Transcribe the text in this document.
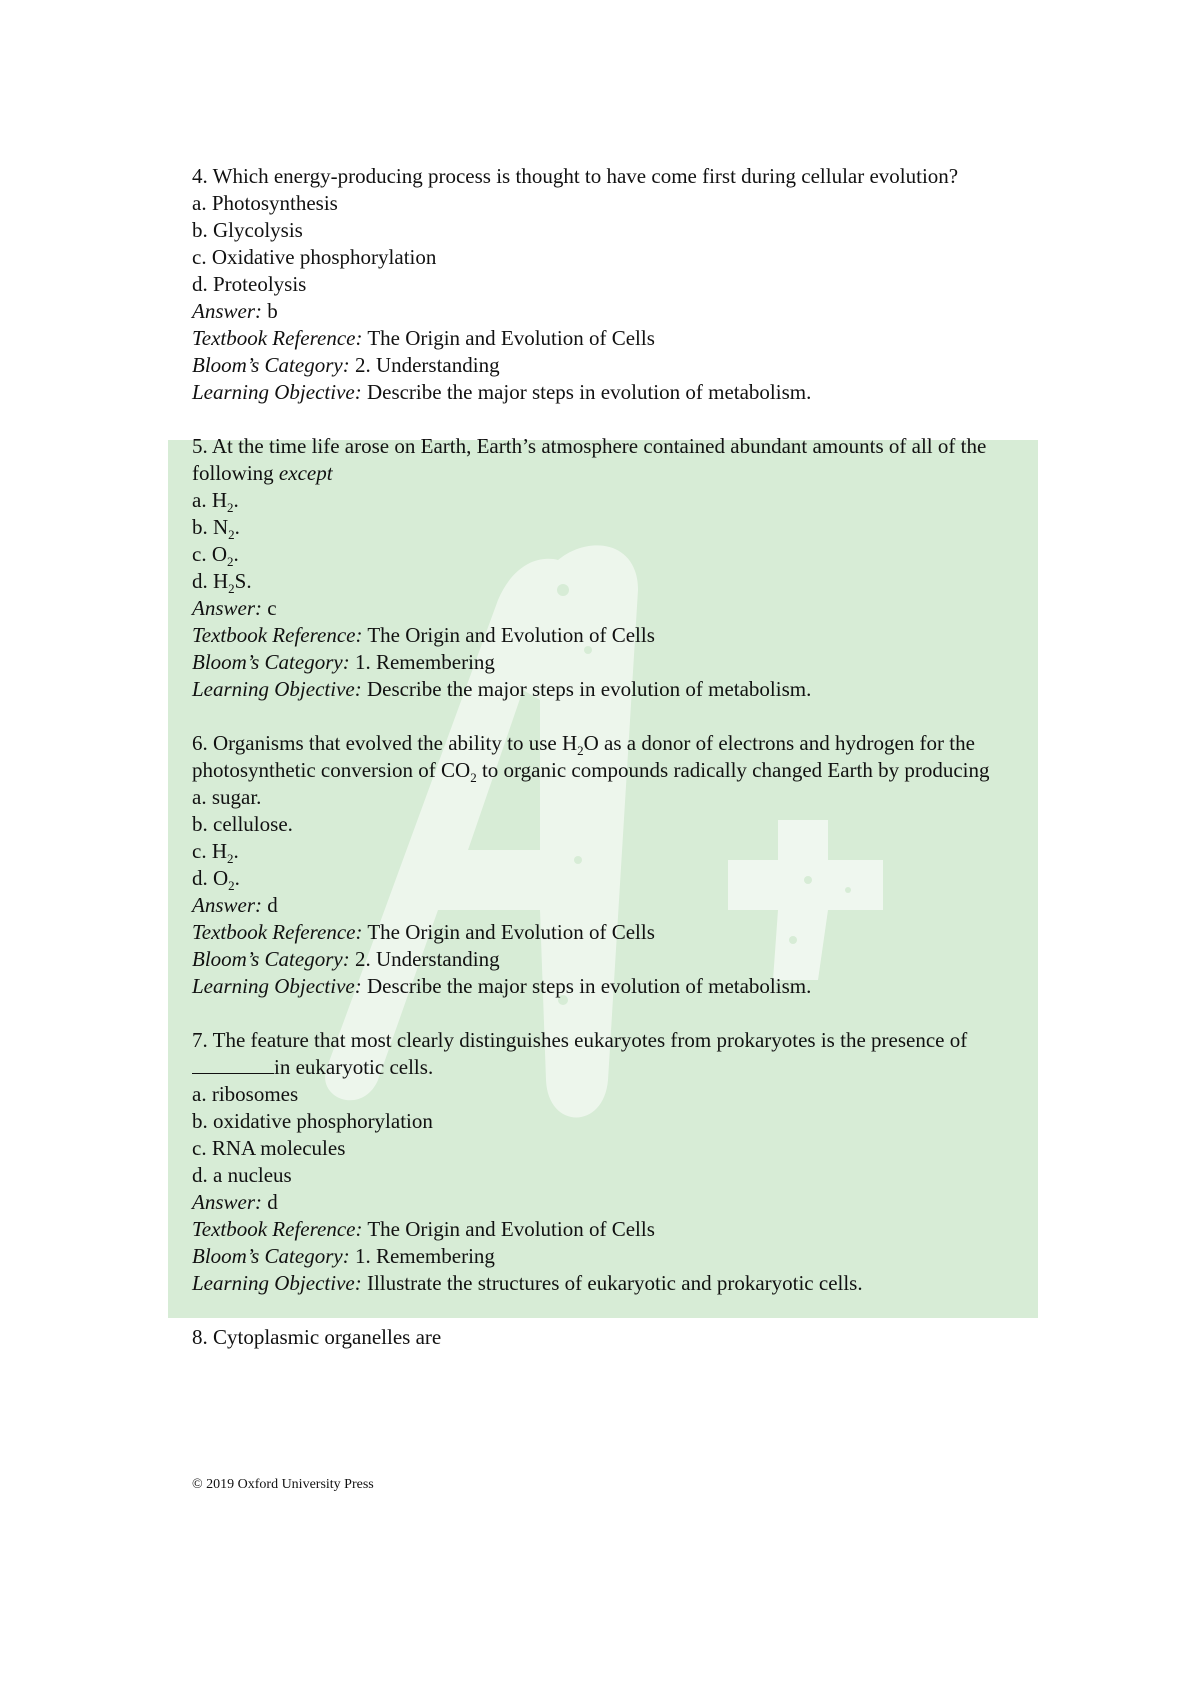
4. Which energy-producing process is thought to have come first during cellular evolution?
a. Photosynthesis
b. Glycolysis
c. Oxidative phosphorylation
d. Proteolysis
Answer: b
Textbook Reference: The Origin and Evolution of Cells
Bloom’s Category: 2. Understanding
Learning Objective: Describe the major steps in evolution of metabolism.
5. At the time life arose on Earth, Earth’s atmosphere contained abundant amounts of all of the following except
a. $H_2$.
b. $N_2$.
c. $O_2$.
d. $H_2S$.
Answer: c
Textbook Reference: The Origin and Evolution of Cells
Bloom’s Category: 1. Remembering
Learning Objective: Describe the major steps in evolution of metabolism.
6. Organisms that evolved the ability to use $H_2O$ as a donor of electrons and hydrogen for the photosynthetic conversion of $CO_2$ to organic compounds radically changed Earth by producing
a. sugar.
b. cellulose.
c. $H_2$.
d. $O_2$.
Answer: d
Textbook Reference: The Origin and Evolution of Cells
Bloom’s Category: 2. Understanding
Learning Objective: Describe the major steps in evolution of metabolism.
7. The feature that most clearly distinguishes eukaryotes from prokaryotes is the presence ofin eukaryotic cells.
a. ribosomes
b. oxidative phosphorylation
c. RNA molecules
d. a nucleus
Answer: d
Textbook Reference: The Origin and Evolution of Cells
Bloom’s Category: 1. Remembering
Learning Objective: Illustrate the structures of eukaryotic and prokaryotic cells.
8. Cytoplasmic organelles are
© 2019 Oxford University Press
